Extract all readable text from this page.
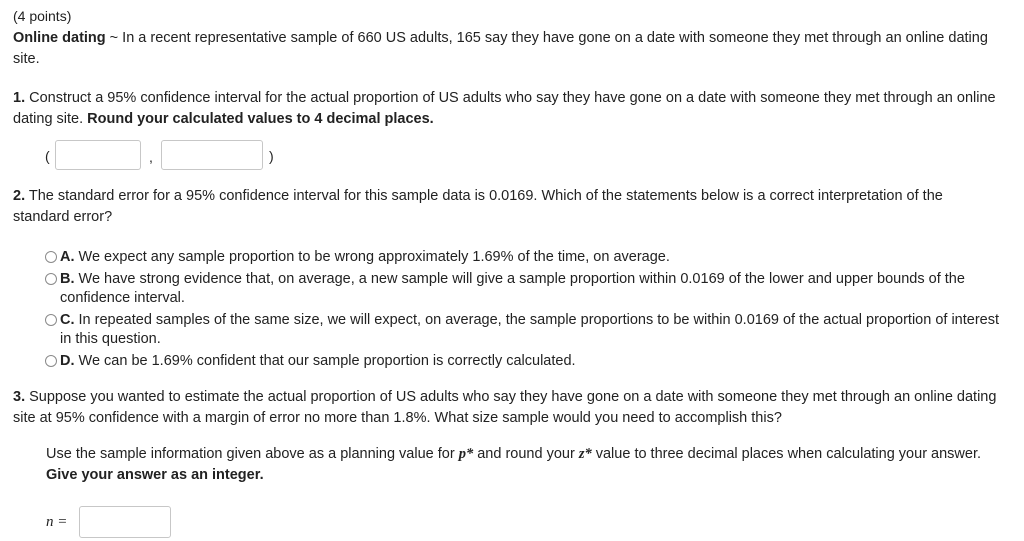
(4 points)
Online dating ~ In a recent representative sample of 660 US adults, 165 say they have gone on a date with someone they met through an online dating site.
1. Construct a 95% confidence interval for the actual proportion of US adults who say they have gone on a date with someone they met through an online dating site. Round your calculated values to 4 decimal places.
(	,	)
2. The standard error for a 95% confidence interval for this sample data is 0.0169. Which of the statements below is a correct interpretation of the standard error?
A. We expect any sample proportion to be wrong approximately 1.69% of the time, on average.
B. We have strong evidence that, on average, a new sample will give a sample proportion within 0.0169 of the lower and upper bounds of the confidence interval.
C. In repeated samples of the same size, we will expect, on average, the sample proportions to be within 0.0169 of the actual proportion of interest in this question.
D. We can be 1.69% confident that our sample proportion is correctly calculated.
3. Suppose you wanted to estimate the actual proportion of US adults who say they have gone on a date with someone they met through an online dating site at 95% confidence with a margin of error no more than 1.8%. What size sample would you need to accomplish this?
Use the sample information given above as a planning value for p* and round your z* value to three decimal places when calculating your answer. Give your answer as an integer.
n =
